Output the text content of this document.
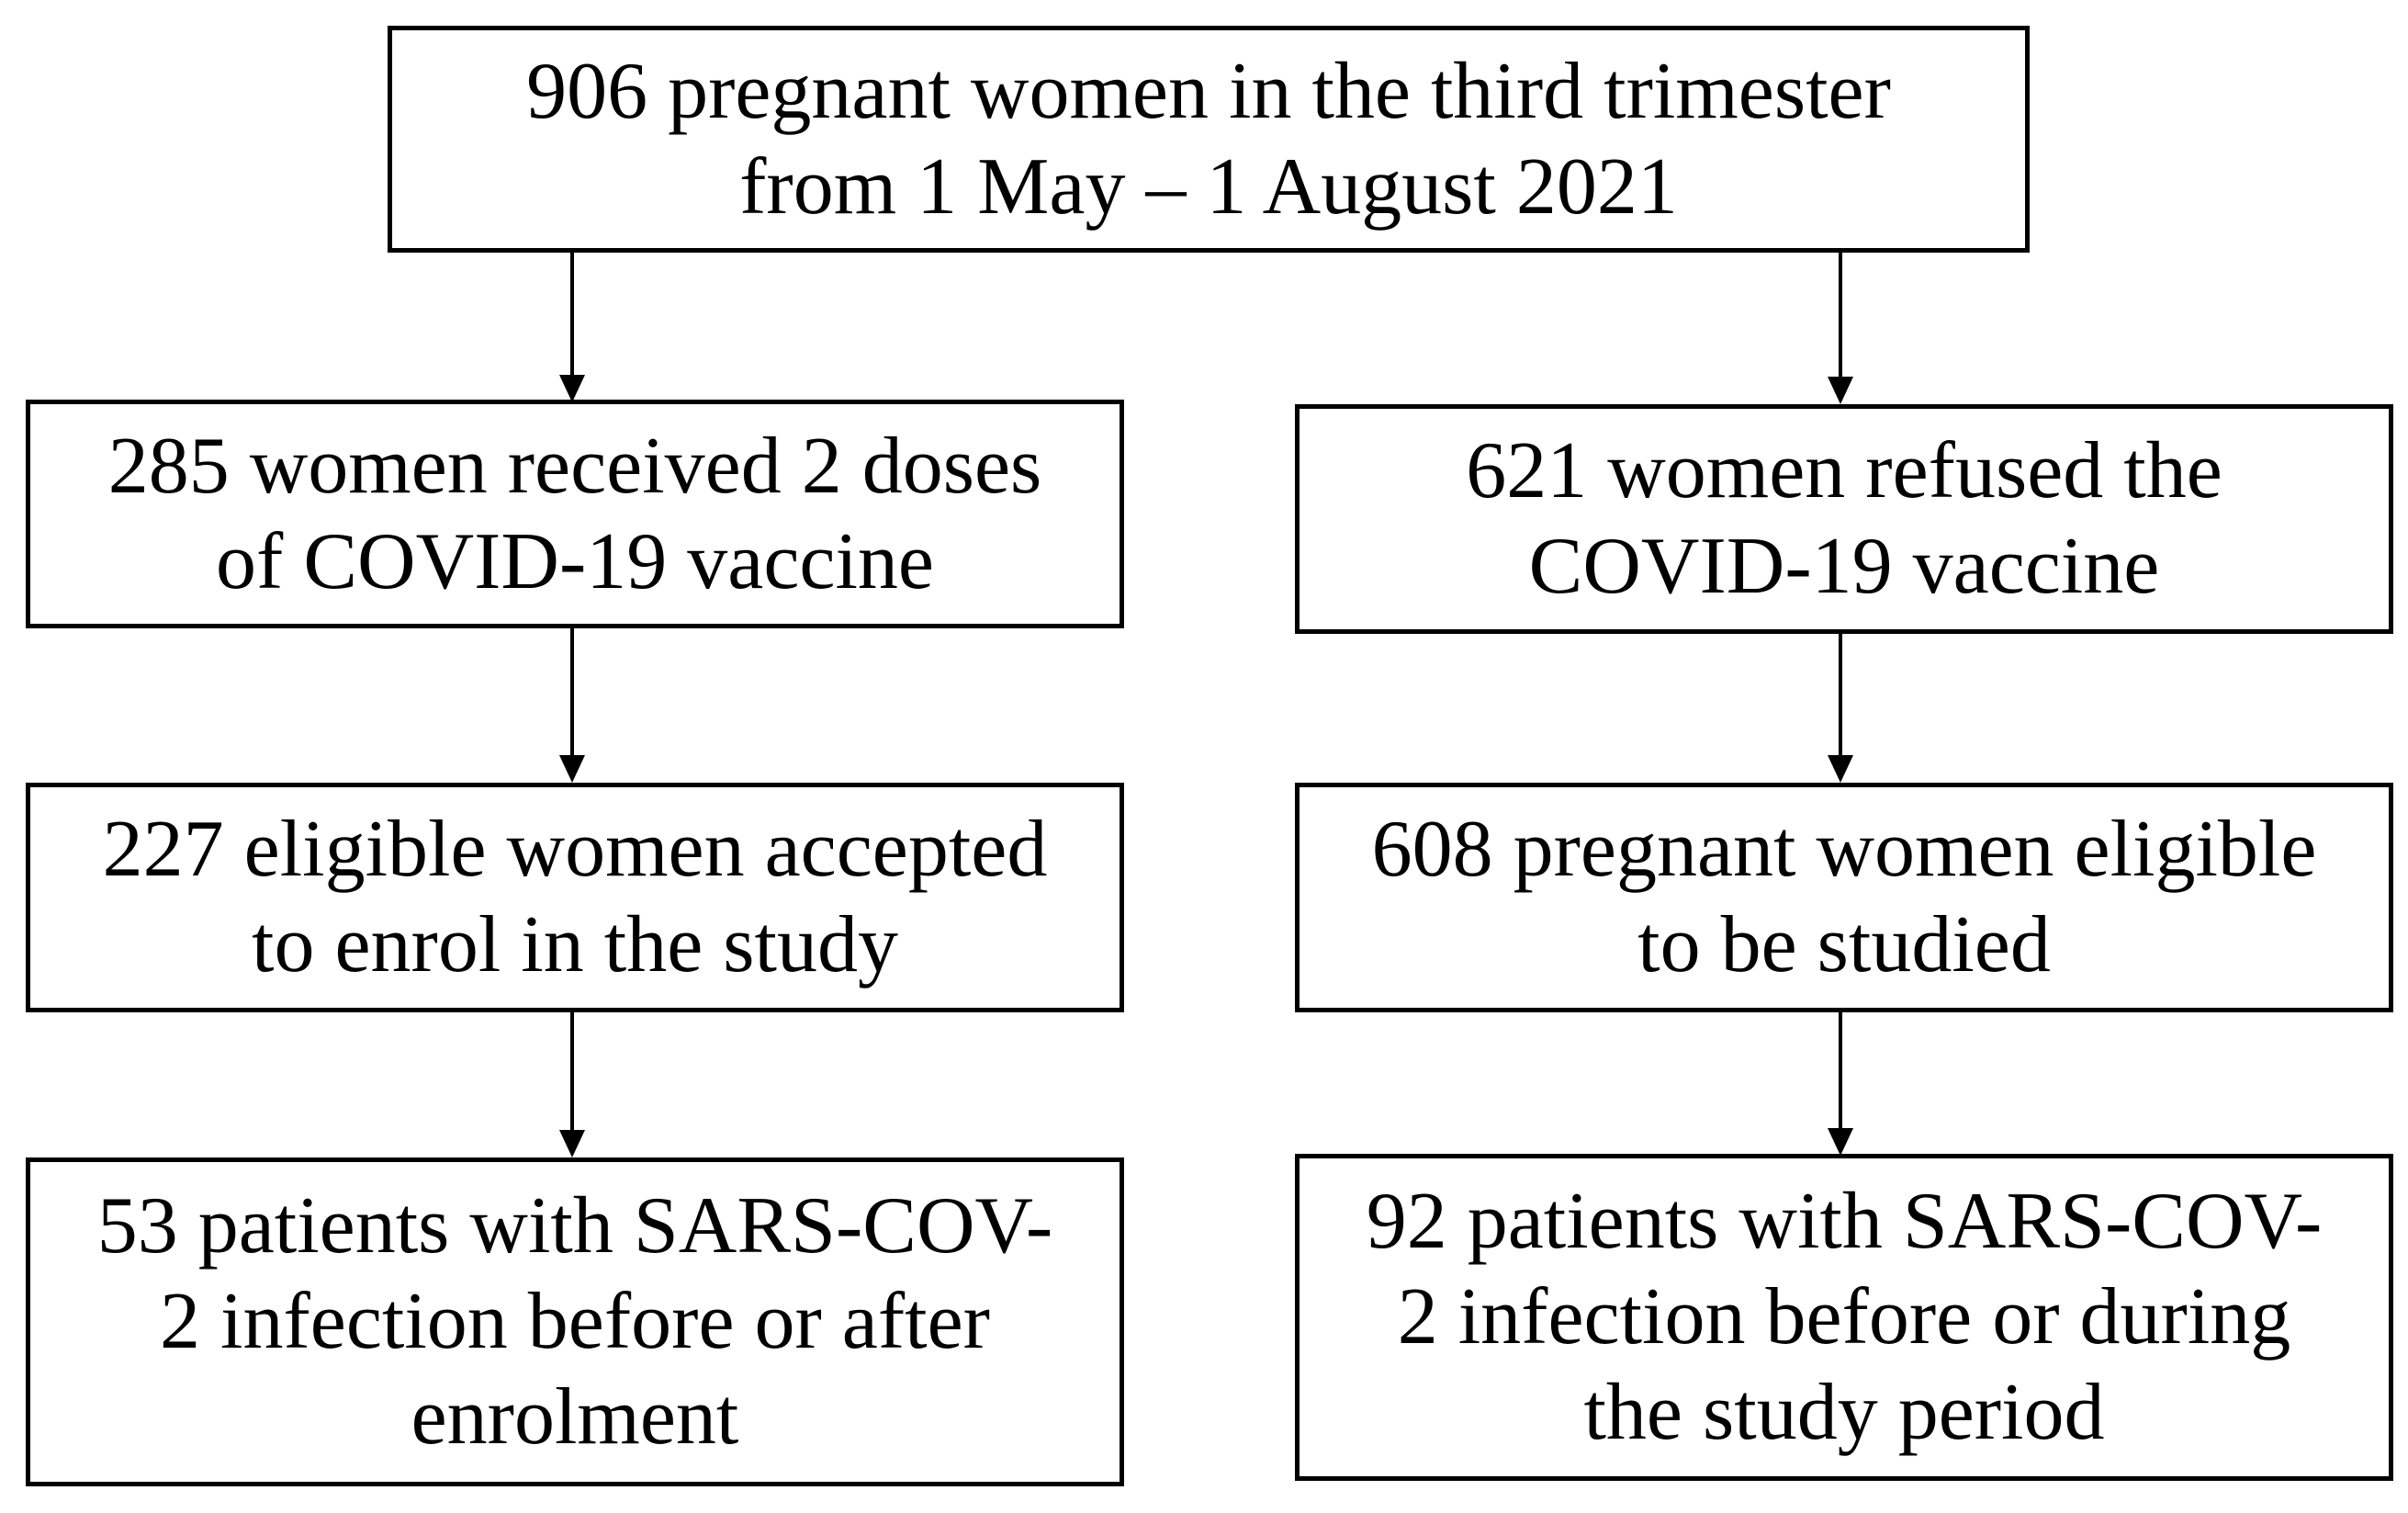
906 pregnant women in the third trimester
from 1 May – 1 August 2021
285 women received 2 doses
of COVID-19 vaccine
621 women refused the
COVID-19 vaccine
227 eligible women accepted
to enrol in the study
608 pregnant women eligible
to be studied
53 patients with SARS-COV-
2 infection before or after
enrolment
92 patients with SARS-COV-
2 infection before or during
the study period
